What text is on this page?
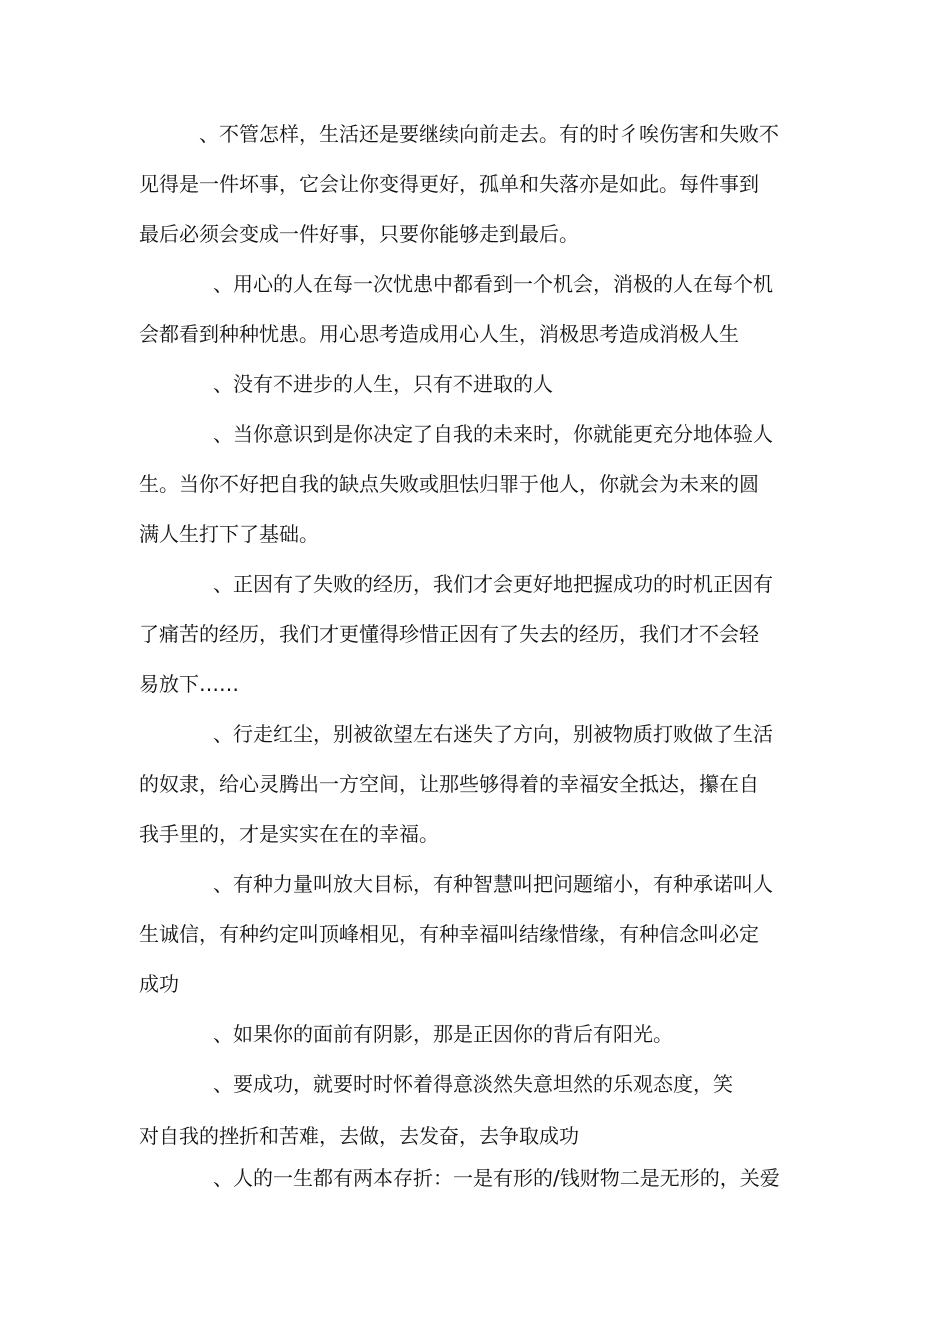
、不管怎样，生活还是要继续向前走去。有的时彳唉伤害和失败不
见得是一件坏事，它会让你变得更好，孤单和失落亦是如此。每件事到
最后必须会变成一件好事，只要你能够走到最后。
、用心的人在每一次忧患中都看到一个机会，消极的人在每个机
会都看到种种忧患。用心思考造成用心人生，消极思考造成消极人生
、没有不进步的人生，只有不进取的人
、当你意识到是你决定了自我的未来时，你就能更充分地体验人
生。当你不好把自我的缺点失败或胆怯归罪于他人，你就会为未来的圆
满人生打下了基础。
、正因有了失败的经历，我们才会更好地把握成功的时机正因有
了痛苦的经历，我们才更懂得珍惜正因有了失去的经历，我们才不会轻
易放下……
、行走红尘，别被欲望左右迷失了方向，别被物质打败做了生活
的奴隶，给心灵腾出一方空间，让那些够得着的幸福安全抵达，攥在自
我手里的，才是实实在在的幸福。
、有种力量叫放大目标，有种智慧叫把问题缩小，有种承诺叫人
生诚信，有种约定叫顶峰相见，有种幸福叫结缘惜缘，有种信念叫必定
成功
、如果你的面前有阴影，那是正因你的背后有阳光。
、要成功，就要时时怀着得意淡然失意坦然的乐观态度，笑
对自我的挫折和苦难，去做，去发奋，去争取成功
、人的一生都有两本存折：一是有形的/钱财物二是无形的，关爱
